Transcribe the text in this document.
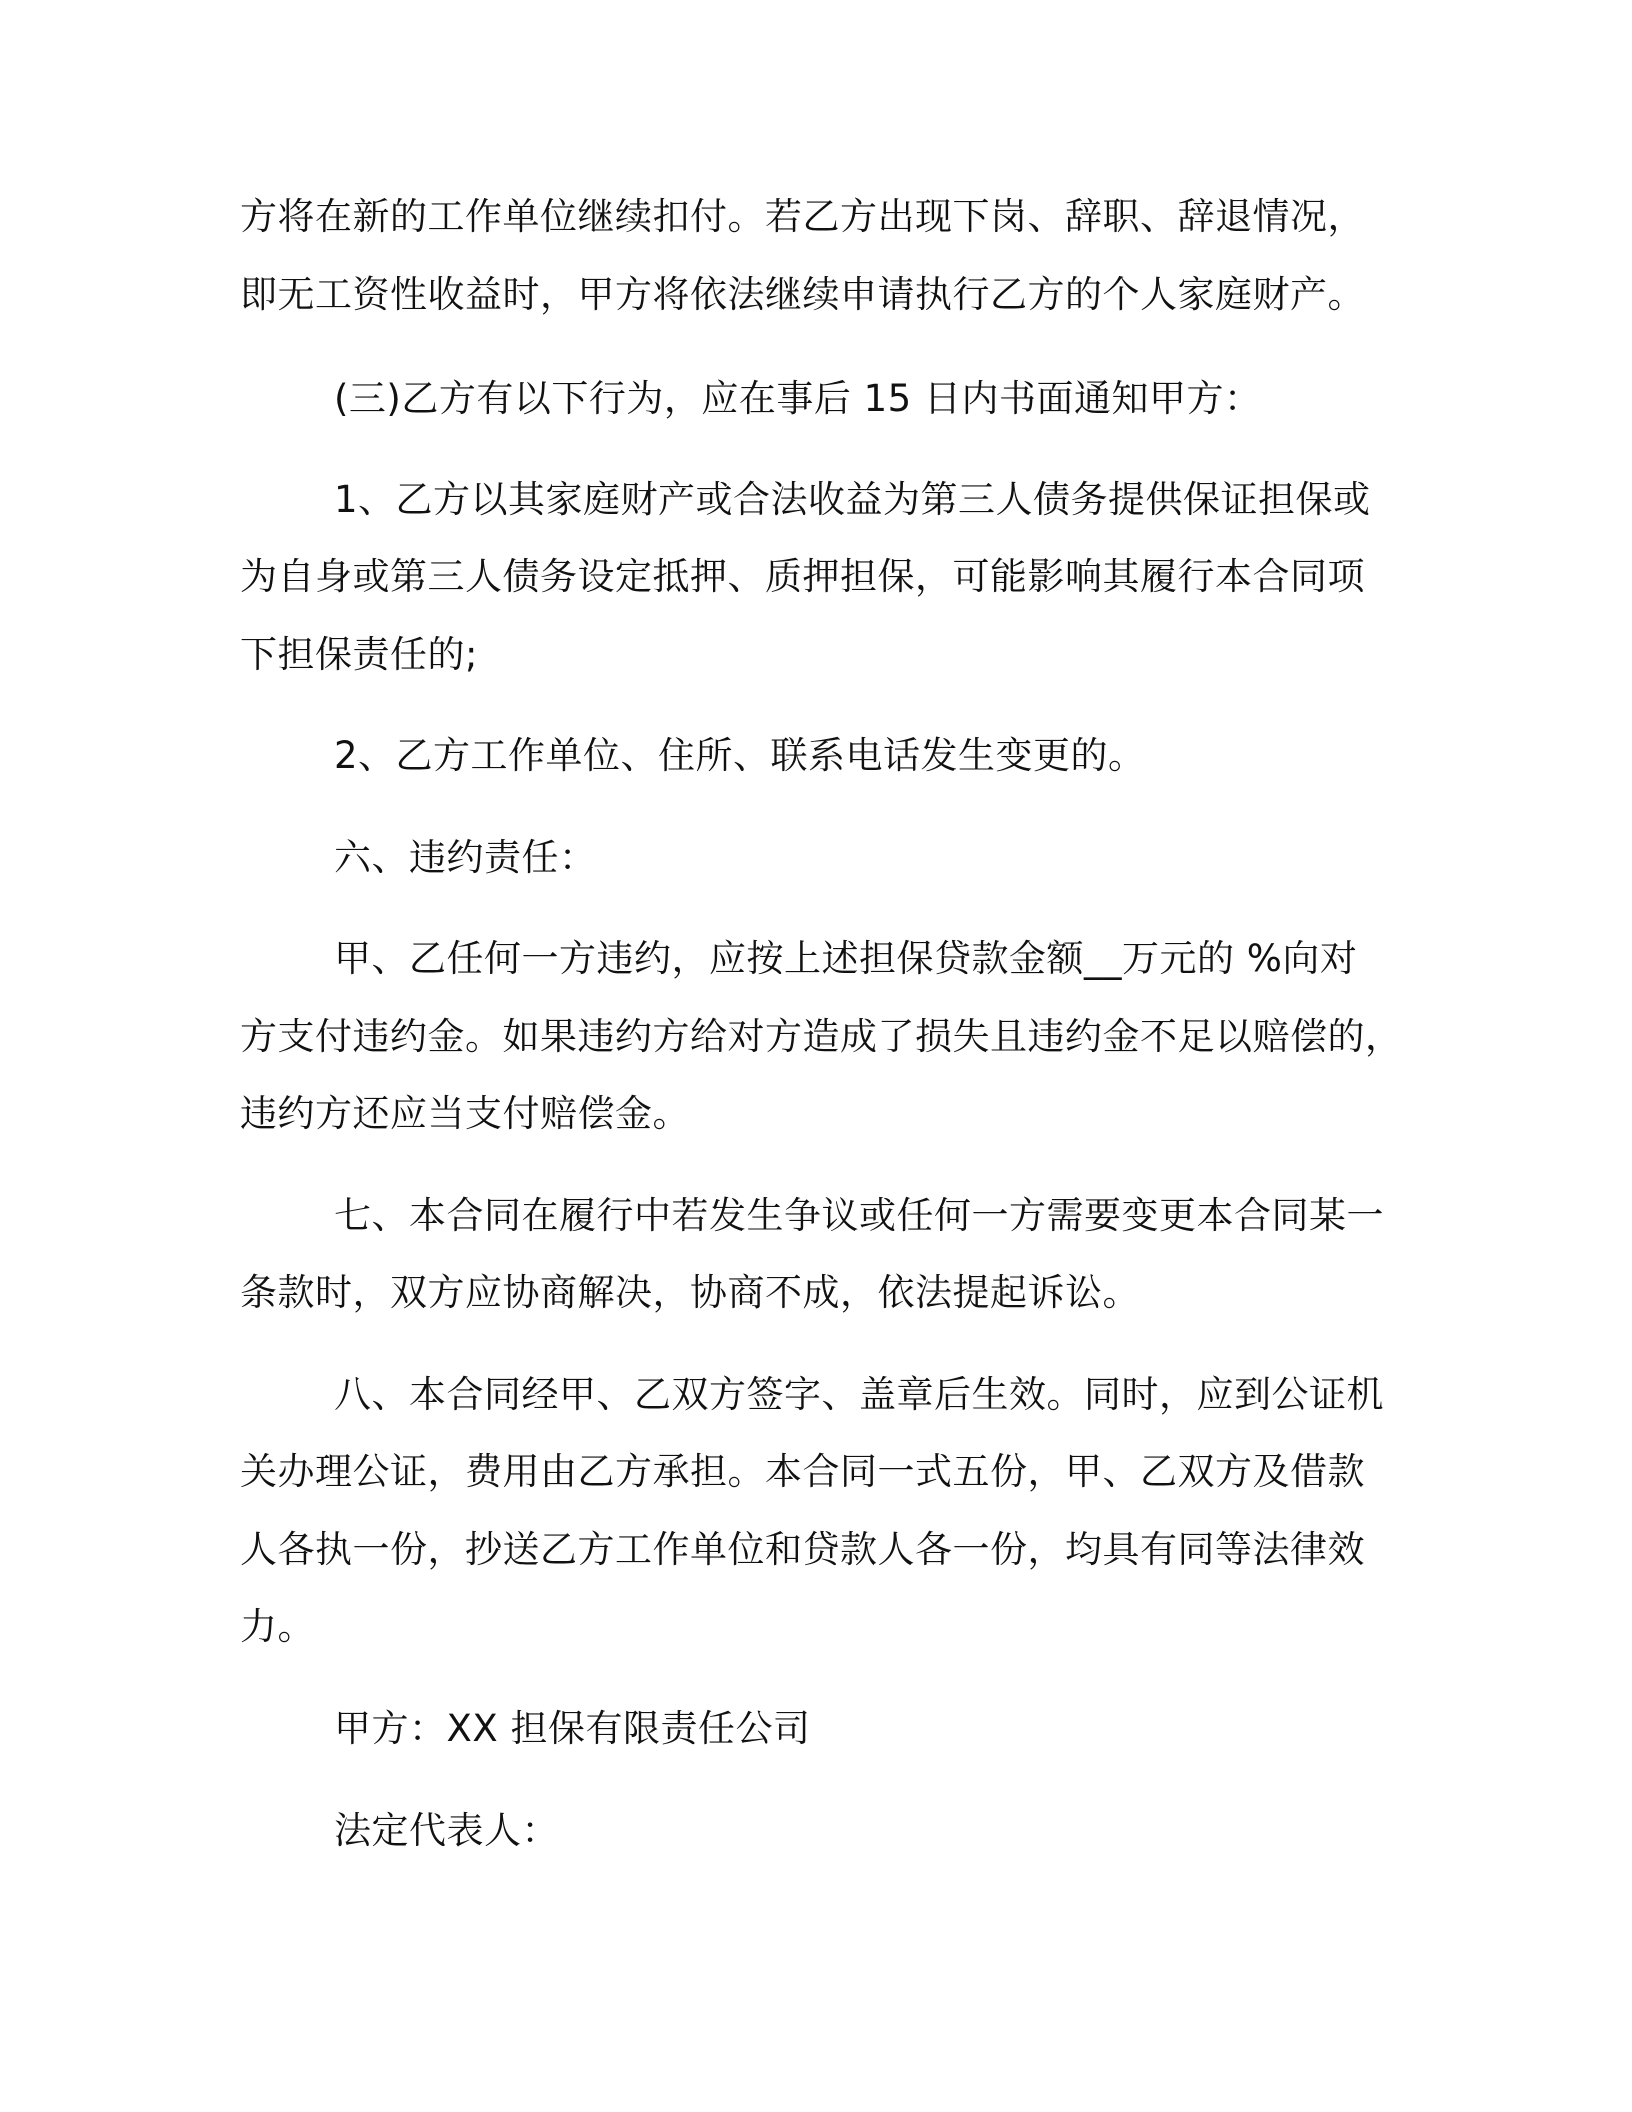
方将在新的工作单位继续扣付。若乙方出现下岗、辞职、辞退情况，
即无工资性收益时，甲方将依法继续申请执行乙方的个人家庭财产。
(三)乙方有以下行为，应在事后 15 日内书面通知甲方：
1、乙方以其家庭财产或合法收益为第三人债务提供保证担保或
为自身或第三人债务设定抵押、质押担保，可能影响其履行本合同项
下担保责任的;
2、乙方工作单位、住所、联系电话发生变更的。
六、违约责任：
甲、乙任何一方违约，应按上述担保贷款金额__万元的 %向对
方支付违约金。如果违约方给对方造成了损失且违约金不足以赔偿的，
违约方还应当支付赔偿金。
七、本合同在履行中若发生争议或任何一方需要变更本合同某一
条款时，双方应协商解决，协商不成，依法提起诉讼。
八、本合同经甲、乙双方签字、盖章后生效。同时，应到公证机
关办理公证，费用由乙方承担。本合同一式五份，甲、乙双方及借款
人各执一份，抄送乙方工作单位和贷款人各一份，均具有同等法律效
力。
甲方：XX 担保有限责任公司
法定代表人：
